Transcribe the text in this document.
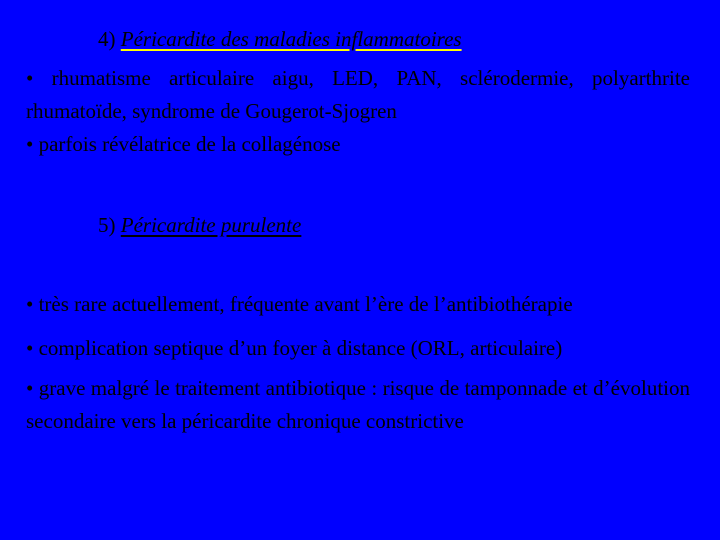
4) Péricardite des maladies inflammatoires
• rhumatisme articulaire aigu, LED, PAN, sclérodermie, polyarthrite rhumatoïde, syndrome de Gougerot-Sjogren
• parfois révélatrice de la collagénose
5) Péricardite purulente
• très rare actuellement, fréquente avant l’ère de l’antibiothérapie
• complication septique d’un foyer à distance (ORL, articulaire)
• grave malgré le traitement antibiotique : risque de tamponnade et d’évolution secondaire vers la péricardite chronique constrictive
